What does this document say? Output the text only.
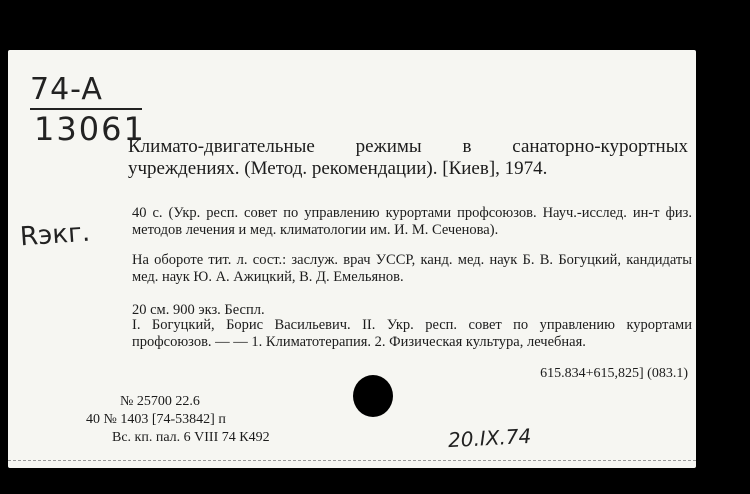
74-A
13061
Rэкг.
Климато-двигательные режимы в санаторно-курортных учреждениях. (Метод. рекомендации). [Киев], 1974.
40 с. (Укр. респ. совет по управлению курортами профсоюзов. Науч.-исслед. ин-т физ. методов лечения и мед. климатологии им. И. М. Сеченова).
На обороте тит. л. сост.: заслуж. врач УССР, канд. мед. наук Б. В. Богуцкий, кандидаты мед. наук Ю. А. Ажицкий, В. Д. Емельянов.
20 см. 900 экз. Беспл.
I. Богуцкий, Борис Васильевич. II. Укр. респ. совет по управлению курортами профсоюзов. — — 1. Климатотерапия. 2. Физическая культура, лечебная.
615.834+615,825] (083.1)
№ 25700 22.6
40 № 1403 [74-53842] п
Вс. кп. пал. 6 VIII 74 К492	20.IX.74
